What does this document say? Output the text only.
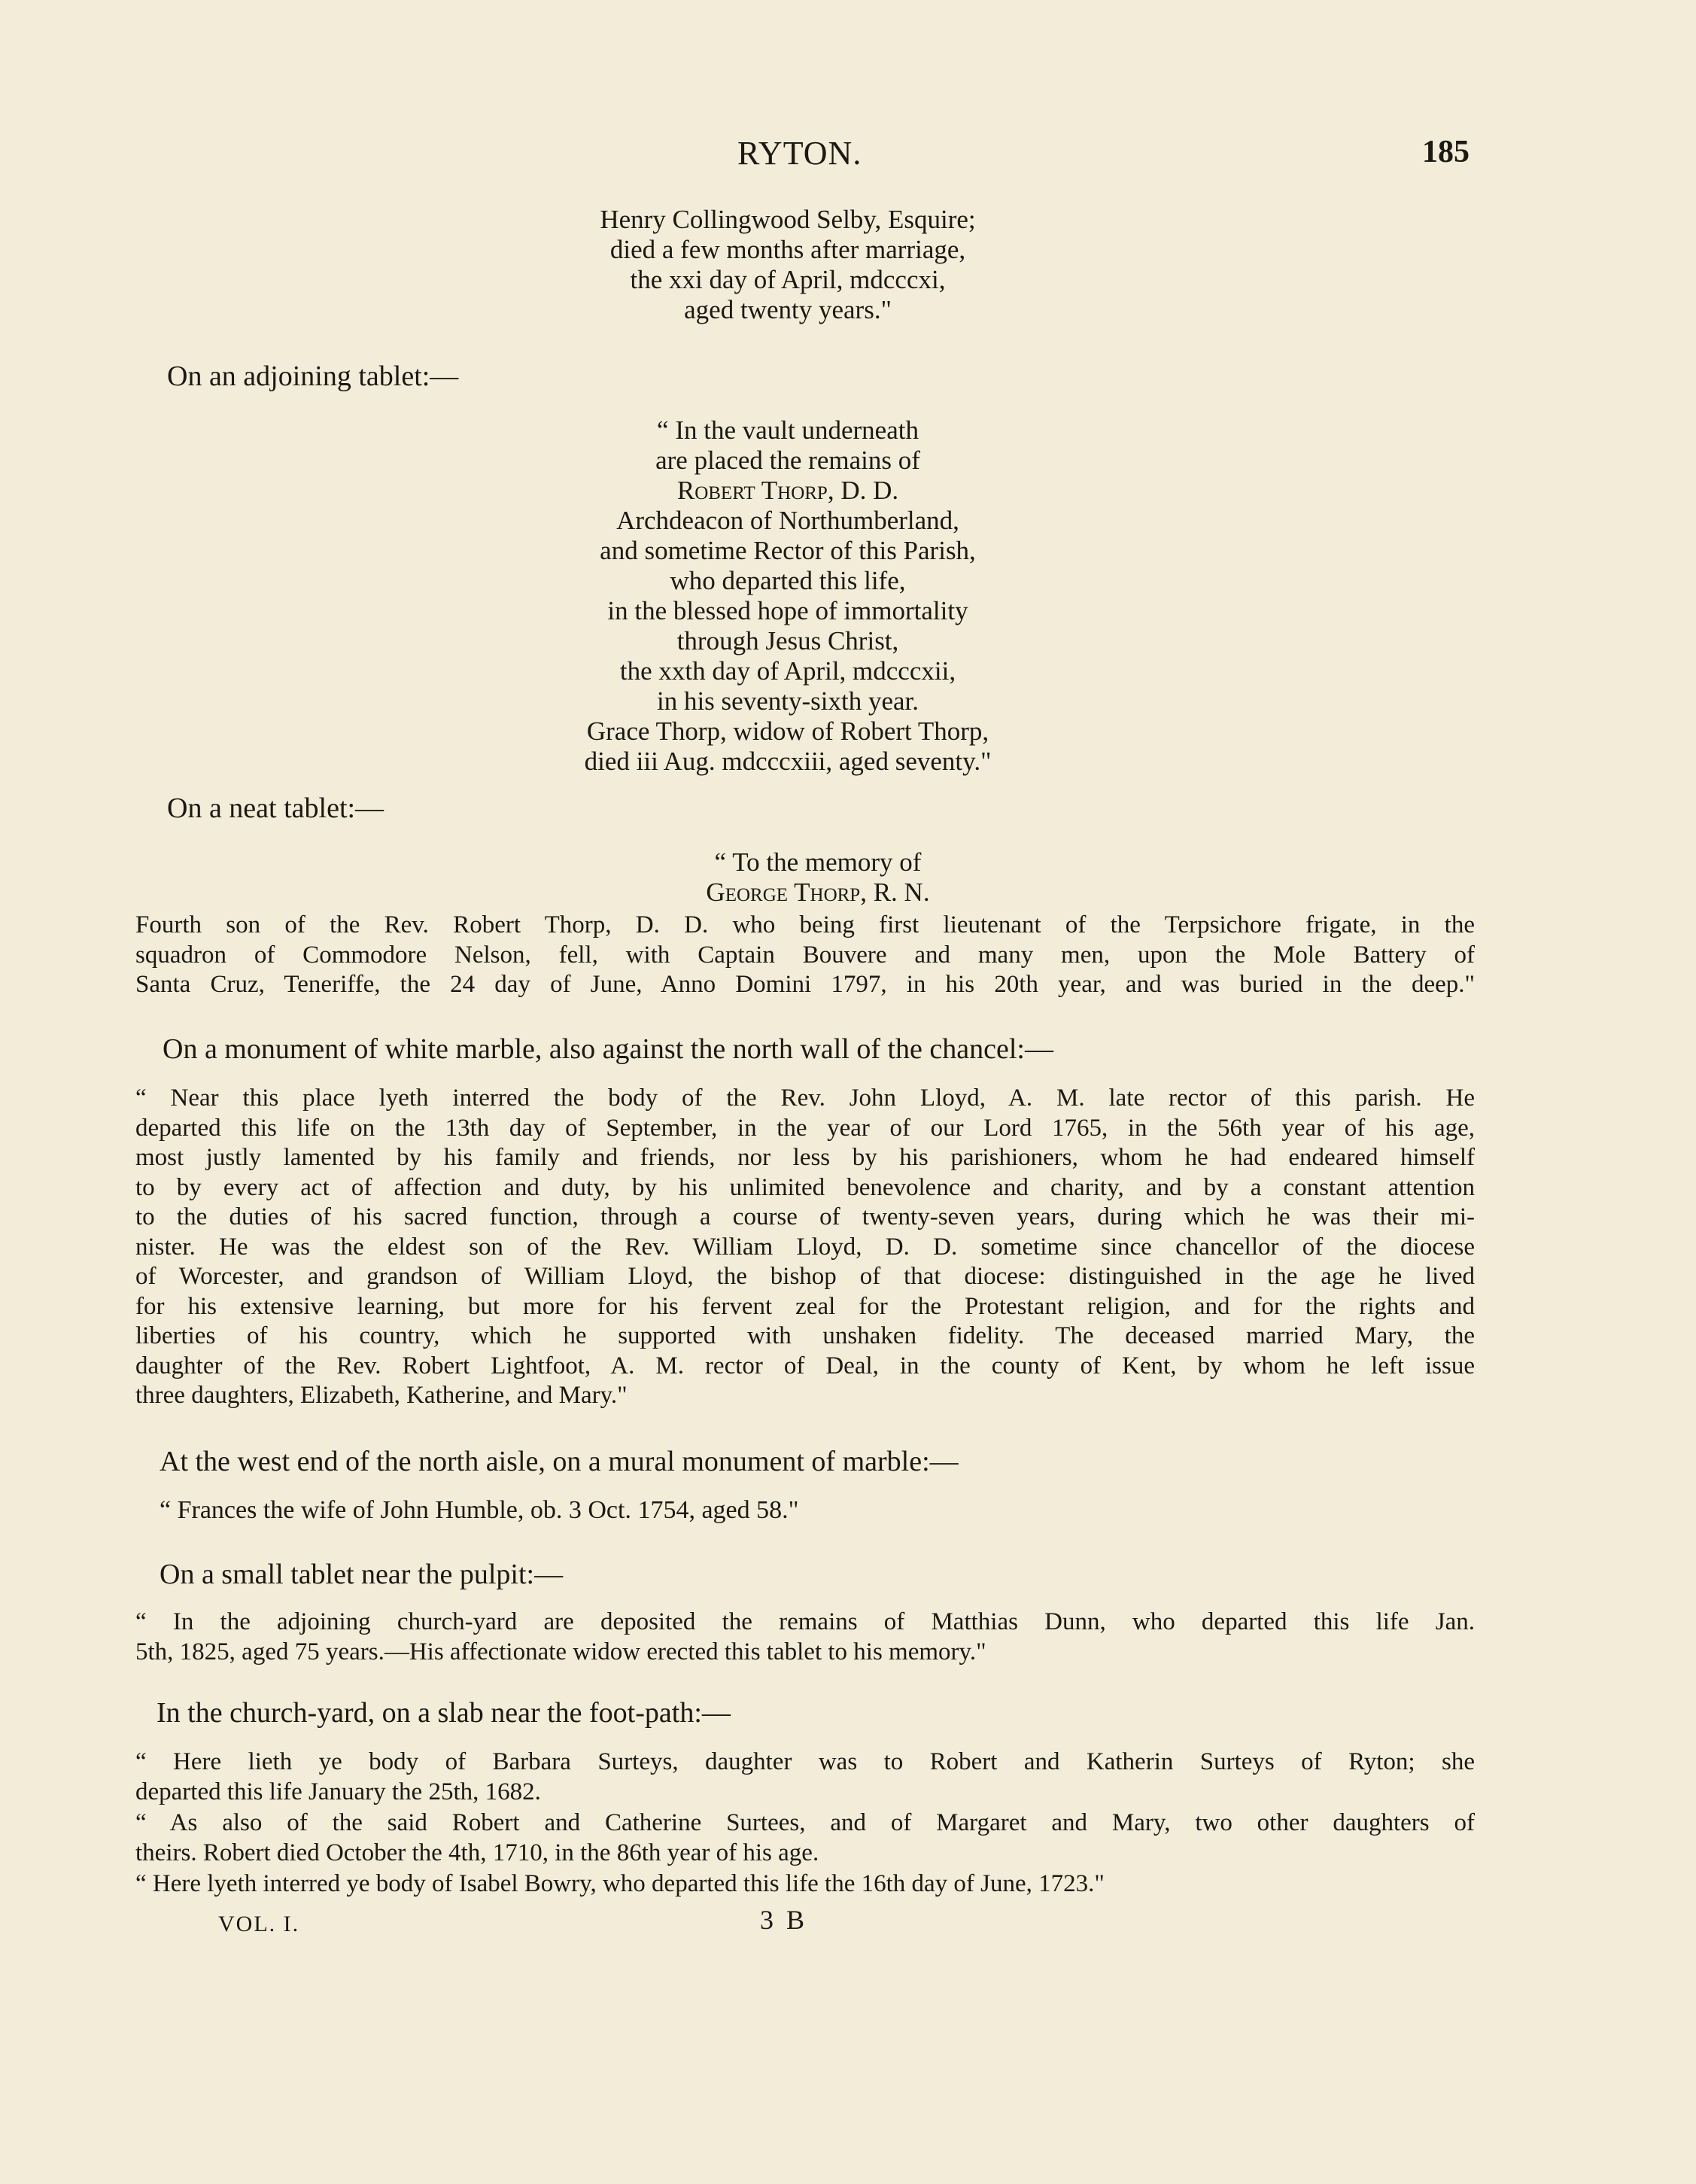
RYTON.	185
Henry Collingwood Selby, Esquire;
died a few months after marriage,
the xxi day of April, mdcccxi,
aged twenty years."
On an adjoining tablet:—
“ In the vault underneath
are placed the remains of
Robert Thorp, D. D.
Archdeacon of Northumberland,
and sometime Rector of this Parish,
who departed this life,
in the blessed hope of immortality
through Jesus Christ,
the xxth day of April, mdcccxii,
in his seventy-sixth year.
Grace Thorp, widow of Robert Thorp,
died iii Aug. mdcccxiii, aged seventy."
On a neat tablet:—
“ To the memory of
George Thorp, R. N.
Fourth son of the Rev. Robert Thorp, D. D. who being first lieutenant of the Terpsichore frigate, in the
squadron of Commodore Nelson, fell, with Captain Bouvere and many men, upon the Mole Battery of
Santa Cruz, Teneriffe, the 24 day of June, Anno Domini 1797, in his 20th year, and was buried in the deep."
On a monument of white marble, also against the north wall of the chancel:—
“ Near this place lyeth interred the body of the Rev. John Lloyd, A. M. late rector of this parish. He
departed this life on the 13th day of September, in the year of our Lord 1765, in the 56th year of his age,
most justly lamented by his family and friends, nor less by his parishioners, whom he had endeared himself
to by every act of affection and duty, by his unlimited benevolence and charity, and by a constant attention
to the duties of his sacred function, through a course of twenty-seven years, during which he was their mi-
nister. He was the eldest son of the Rev. William Lloyd, D. D. sometime since chancellor of the diocese
of Worcester, and grandson of William Lloyd, the bishop of that diocese: distinguished in the age he lived
for his extensive learning, but more for his fervent zeal for the Protestant religion, and for the rights and
liberties of his country, which he supported with unshaken fidelity. The deceased married Mary, the
daughter of the Rev. Robert Lightfoot, A. M. rector of Deal, in the county of Kent, by whom he left issue
three daughters, Elizabeth, Katherine, and Mary."
At the west end of the north aisle, on a mural monument of marble:—
“ Frances the wife of John Humble, ob. 3 Oct. 1754, aged 58."
On a small tablet near the pulpit:—
“ In the adjoining church-yard are deposited the remains of Matthias Dunn, who departed this life Jan.
5th, 1825, aged 75 years.—His affectionate widow erected this tablet to his memory."
In the church-yard, on a slab near the foot-path:—
“ Here lieth ye body of Barbara Surteys, daughter was to Robert and Katherin Surteys of Ryton; she
departed this life January the 25th, 1682.
“ As also of the said Robert and Catherine Surtees, and of Margaret and Mary, two other daughters of
theirs. Robert died October the 4th, 1710, in the 86th year of his age.
“ Here lyeth interred ye body of Isabel Bowry, who departed this life the 16th day of June, 1723."
VOL. I.	3 B
